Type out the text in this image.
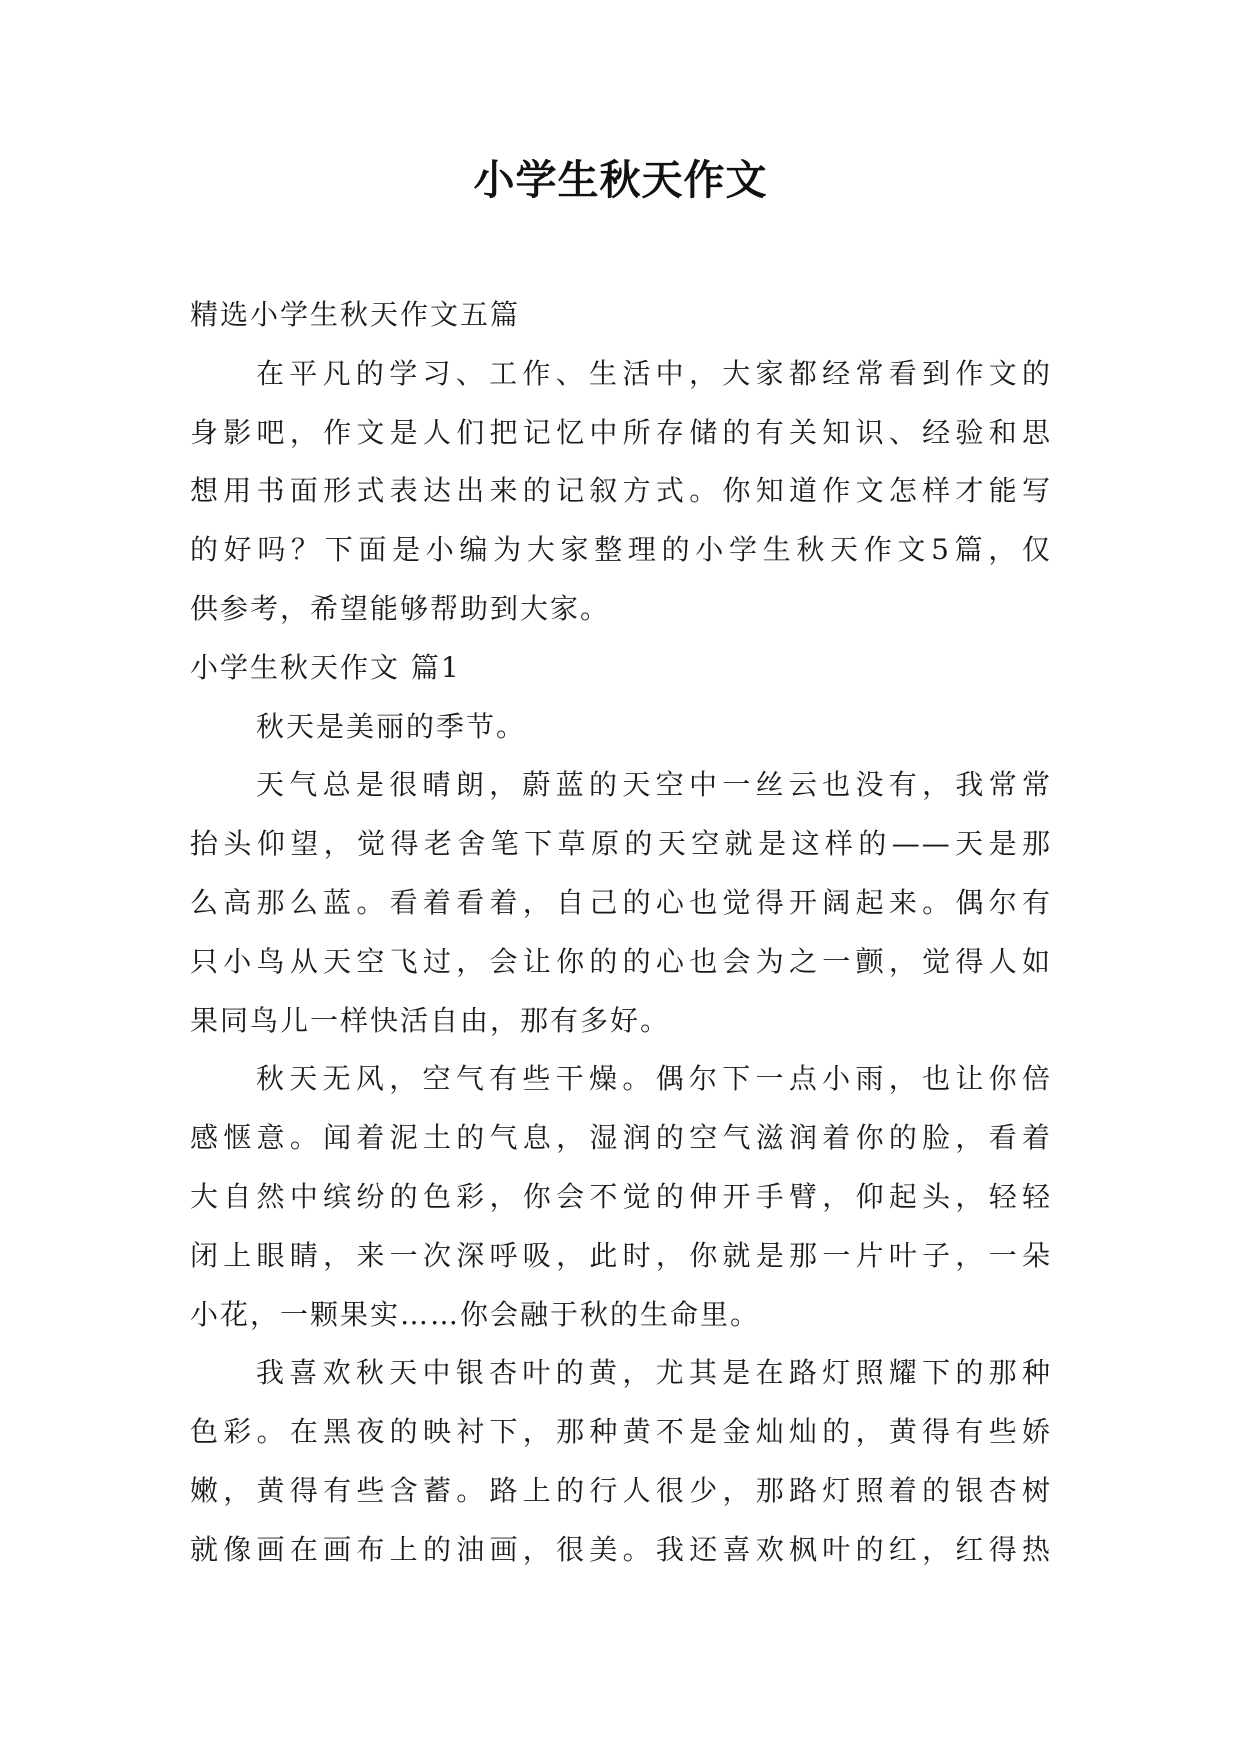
小学生秋天作文
精选小学生秋天作文五篇
在平凡的学习、工作、生活中，大家都经常看到作文的
身影吧，作文是人们把记忆中所存储的有关知识、经验和思
想用书面形式表达出来的记叙方式。你知道作文怎样才能写
的好吗？下面是小编为大家整理的小学生秋天作文5篇，仅
供参考，希望能够帮助到大家。
小学生秋天作文 篇1
秋天是美丽的季节。
天气总是很晴朗，蔚蓝的天空中一丝云也没有，我常常
抬头仰望，觉得老舍笔下草原的天空就是这样的——天是那
么高那么蓝。看着看着，自己的心也觉得开阔起来。偶尔有
只小鸟从天空飞过，会让你的的心也会为之一颤，觉得人如
果同鸟儿一样快活自由，那有多好。
秋天无风，空气有些干燥。偶尔下一点小雨，也让你倍
感惬意。闻着泥土的气息，湿润的空气滋润着你的脸，看着
大自然中缤纷的色彩，你会不觉的伸开手臂，仰起头，轻轻
闭上眼睛，来一次深呼吸，此时，你就是那一片叶子，一朵
小花，一颗果实……你会融于秋的生命里。
我喜欢秋天中银杏叶的黄，尤其是在路灯照耀下的那种
色彩。在黑夜的映衬下，那种黄不是金灿灿的，黄得有些娇
嫩，黄得有些含蓄。路上的行人很少，那路灯照着的银杏树
就像画在画布上的油画，很美。我还喜欢枫叶的红，红得热
